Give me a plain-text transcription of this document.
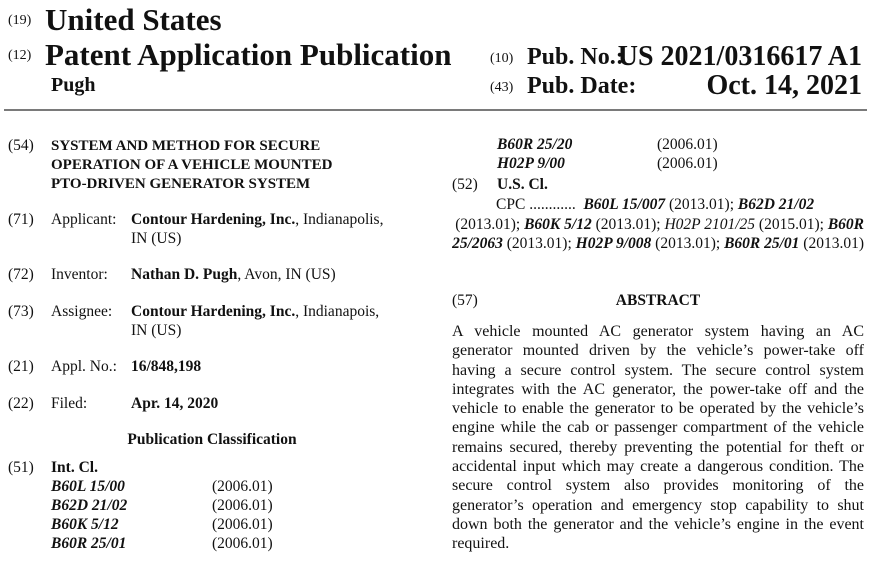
(19) United States
(12) Patent Application Publication
Pugh
(10) Pub. No.:
US 2021/0316617 A1
(43) Pub. Date:	Oct. 14, 2021
(54) SYSTEM AND METHOD FOR SECURE
OPERATION OF A VEHICLE MOUNTED
PTO-DRIVEN GENERATOR SYSTEM
(71) Applicant: Contour Hardening, Inc., Indianapolis,
IN (US)
(72) Inventor: Nathan D. Pugh, Avon, IN (US)
(73) Assignee: Contour Hardening, Inc., Indianapois,
IN (US)
(21) Appl. No.: 16/848,198
(22) Filed:	Apr. 14, 2020
Publication Classification
(51) Int. Cl.
B60L 15/00	(2006.01)
B62D 21/02	(2006.01)
B60K 5/12	(2006.01)
B60R 25/01	(2006.01)
B60R 25/20	(2006.01)
H02P 9/00	(2006.01)
(52) U.S. Cl.
CPC ............ B60L 15/007 (2013.01); B62D 21/02
(2013.01); B60K 5/12 (2013.01); H02P 2101/25 (2015.01); B60R 25/2063 (2013.01); H02P 9/008 (2013.01); B60R 25/01 (2013.01)
(57)	ABSTRACT
A vehicle mounted AC generator system having an AC generator mounted driven by the vehicle’s power-take off having a secure control system. The secure control system integrates with the AC generator, the power-take off and the vehicle to enable the generator to be operated by the vehicle’s engine while the cab or passenger compartment of the vehicle remains secured, thereby preventing the potential for theft or accidental input which may create a dangerous condition. The secure control system also provides monitoring of the generator’s operation and emergency stop capability to shut down both the generator and the vehicle’s engine in the event required.
